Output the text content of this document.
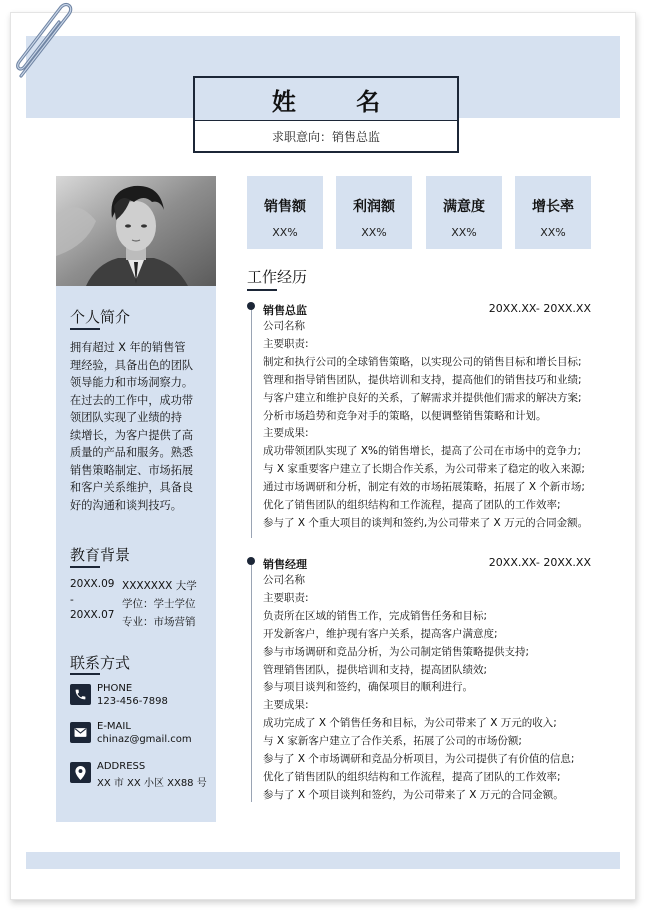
姓 名
求职意向：销售总监
个人简介
拥有超过 X 年的销售管
理经验，具备出色的团队
领导能力和市场洞察力。
在过去的工作中，成功带
领团队实现了业绩的持
续增长，为客户提供了高
质量的产品和服务。熟悉
销售策略制定、市场拓展
和客户关系维护，具备良
好的沟通和谈判技巧。
教育背景
20XX.09
-
20XX.07
XXXXXXX 大学
学位：学士学位
专业：市场营销
联系方式
PHONE
123-456-7898
E-MAIL
chinaz@gmail.com
ADDRESS
XX 市 XX 小区 XX88 号
销售额
XX%
利润额
XX%
满意度
XX%
增长率
XX%
工作经历
销售总监	20XX.XX- 20XX.XX
公司名称
主要职责:
制定和执行公司的全球销售策略，以实现公司的销售目标和增长目标;
管理和指导销售团队，提供培训和支持，提高他们的销售技巧和业绩;
与客户建立和维护良好的关系，了解需求并提供他们需求的解决方案;
分析市场趋势和竞争对手的策略，以便调整销售策略和计划。
主要成果:
成功带领团队实现了 X%的销售增长，提高了公司在市场中的竞争力;
与 X 家重要客户建立了长期合作关系，为公司带来了稳定的收入来源;
通过市场调研和分析，制定有效的市场拓展策略，拓展了 X 个新市场;
优化了销售团队的组织结构和工作流程，提高了团队的工作效率;
参与了 X 个重大项目的谈判和签约,为公司带来了 X 万元的合同金额。
销售经理	20XX.XX- 20XX.XX
公司名称
主要职责:
负责所在区域的销售工作，完成销售任务和目标;
开发新客户，维护现有客户关系，提高客户满意度;
参与市场调研和竞品分析，为公司制定销售策略提供支持;
管理销售团队，提供培训和支持，提高团队绩效;
参与项目谈判和签约，确保项目的顺利进行。
主要成果:
成功完成了 X 个销售任务和目标，为公司带来了 X 万元的收入;
与 X 家新客户建立了合作关系，拓展了公司的市场份额;
参与了 X 个市场调研和竞品分析项目，为公司提供了有价值的信息;
优化了销售团队的组织结构和工作流程，提高了团队的工作效率;
参与了 X 个项目谈判和签约，为公司带来了 X 万元的合同金额。
